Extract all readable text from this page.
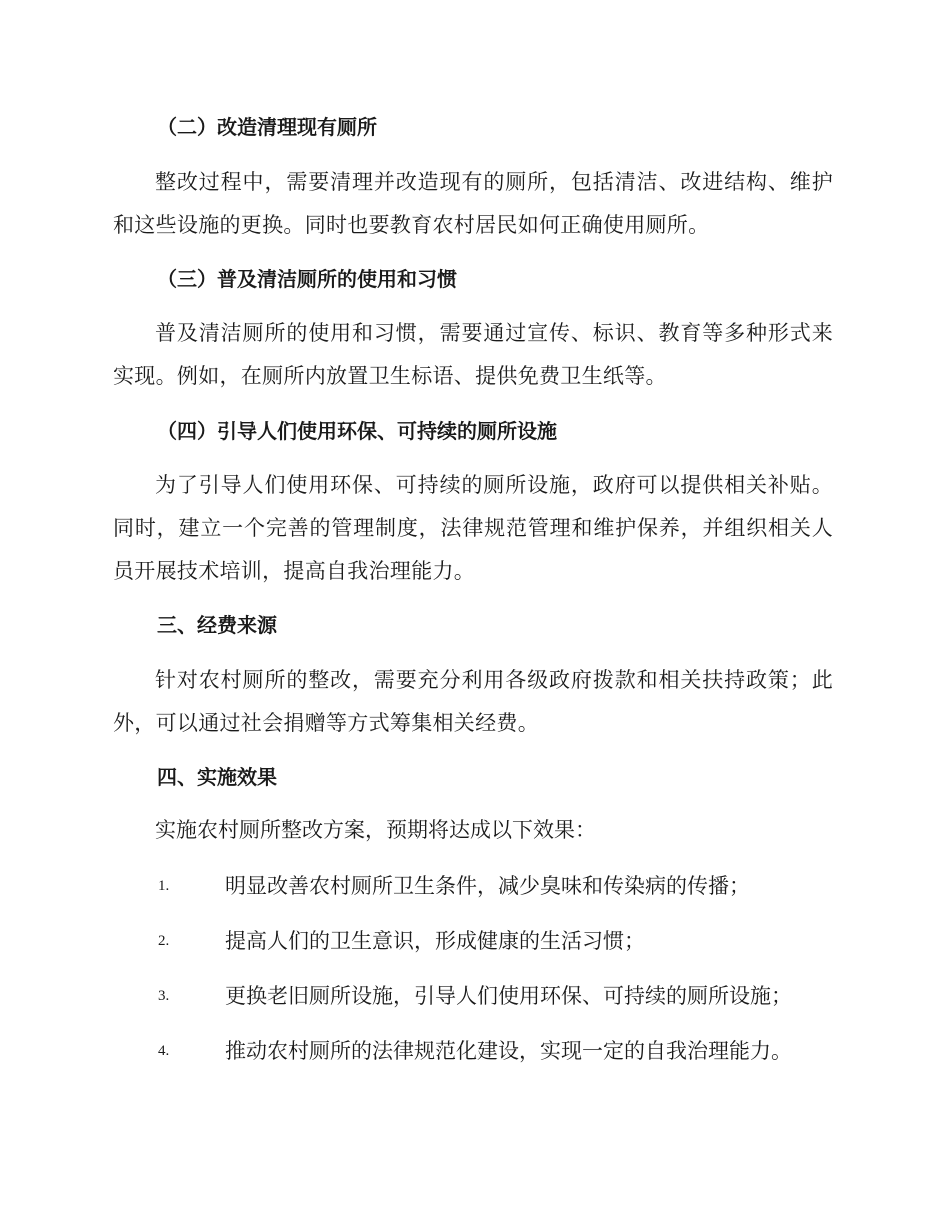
（二）改造清理现有厕所
整改过程中，需要清理并改造现有的厕所，包括清洁、改进结构、维护和这些设施的更换。同时也要教育农村居民如何正确使用厕所。
（三）普及清洁厕所的使用和习惯
普及清洁厕所的使用和习惯，需要通过宣传、标识、教育等多种形式来实现。例如，在厕所内放置卫生标语、提供免费卫生纸等。
（四）引导人们使用环保、可持续的厕所设施
为了引导人们使用环保、可持续的厕所设施，政府可以提供相关补贴。同时，建立一个完善的管理制度，法律规范管理和维护保养，并组织相关人员开展技术培训，提高自我治理能力。
三、经费来源
针对农村厕所的整改，需要充分利用各级政府拨款和相关扶持政策；此外，可以通过社会捐赠等方式筹集相关经费。
四、实施效果
实施农村厕所整改方案，预期将达成以下效果：
1.	明显改善农村厕所卫生条件，减少臭味和传染病的传播；
2.	提高人们的卫生意识，形成健康的生活习惯；
3.	更换老旧厕所设施，引导人们使用环保、可持续的厕所设施；
4.	推动农村厕所的法律规范化建设，实现一定的自我治理能力。
